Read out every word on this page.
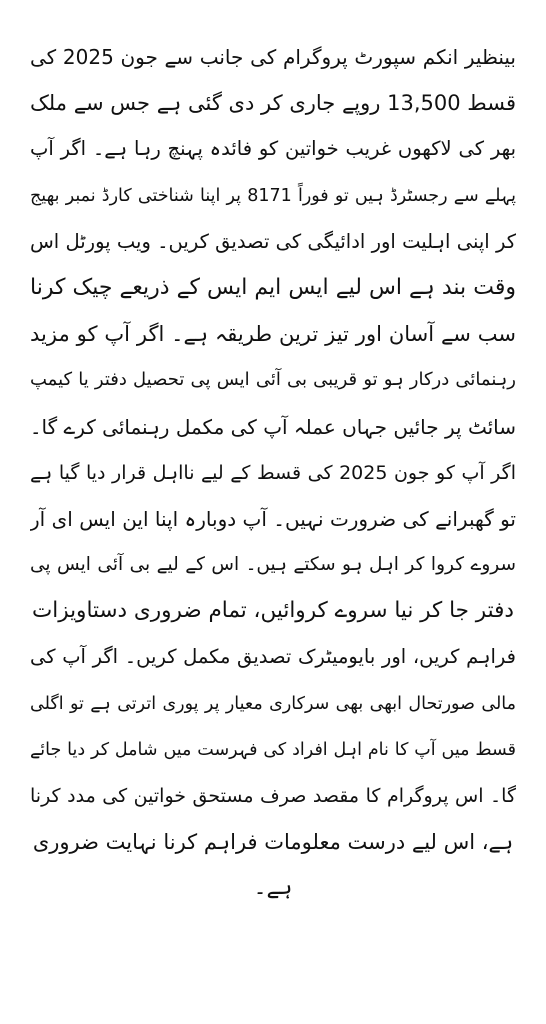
بینظیر انکم سپورٹ پروگرام کی جانب سے جون 2025 کی
قسط 13,500 روپے جاری کر دی گئی ہے جس سے ملک
بھر کی لاکھوں غریب خواتین کو فائدہ پہنچ رہا ہے۔ اگر آپ
پہلے سے رجسٹرڈ ہیں تو فوراً 8171 پر اپنا شناختی کارڈ نمبر بھیج
کر اپنی اہلیت اور ادائیگی کی تصدیق کریں۔ ویب پورٹل اس
وقت بند ہے اس لیے ایس ایم ایس کے ذریعے چیک کرنا
سب سے آسان اور تیز ترین طریقہ ہے۔ اگر آپ کو مزید
رہنمائی درکار ہو تو قریبی بی آئی ایس پی تحصیل دفتر یا کیمپ
سائٹ پر جائیں جہاں عملہ آپ کی مکمل رہنمائی کرے گا۔
اگر آپ کو جون 2025 کی قسط کے لیے نااہل قرار دیا گیا ہے
تو گھبرانے کی ضرورت نہیں۔ آپ دوبارہ اپنا این ایس ای آر
سروے کروا کر اہل ہو سکتے ہیں۔ اس کے لیے بی آئی ایس پی
دفتر جا کر نیا سروے کروائیں، تمام ضروری دستاویزات
فراہم کریں، اور بایومیٹرک تصدیق مکمل کریں۔ اگر آپ کی
مالی صورتحال ابھی بھی سرکاری معیار پر پوری اترتی ہے تو اگلی
قسط میں آپ کا نام اہل افراد کی فہرست میں شامل کر دیا جائے
گا۔ اس پروگرام کا مقصد صرف مستحق خواتین کی مدد کرنا
ہے، اس لیے درست معلومات فراہم کرنا نہایت ضروری
ہے۔
